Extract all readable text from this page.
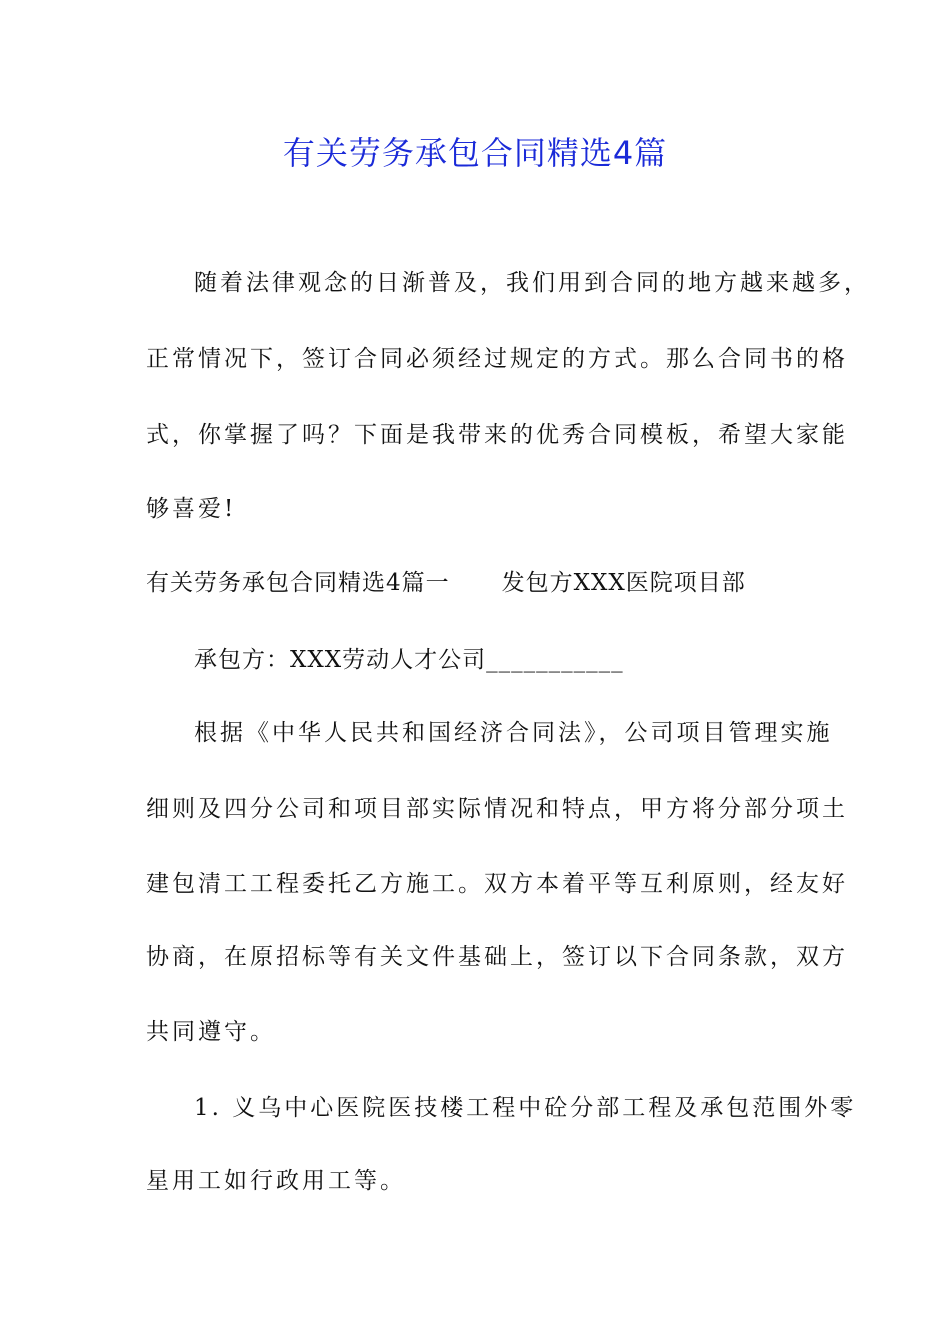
有关劳务承包合同精选4篇

随着法律观念的日渐普及，我们用到合同的地方越来越多，

正常情况下，签订合同必须经过规定的方式。那么合同书的格

式，你掌握了吗？下面是我带来的优秀合同模板，希望大家能

够喜爱!

有关劳务承包合同精选4篇一 发包方XXX医院项目部

承包方：XXX劳动人才公司___________

根据《中华人民共和国经济合同法》，公司项目管理实施

细则及四分公司和项目部实际情况和特点，甲方将分部分项土

建包清工工程委托乙方施工。双方本着平等互利原则，经友好

协商，在原招标等有关文件基础上，签订以下合同条款，双方

共同遵守。

1. 义乌中心医院医技楼工程中砼分部工程及承包范围外零

星用工如行政用工等。
